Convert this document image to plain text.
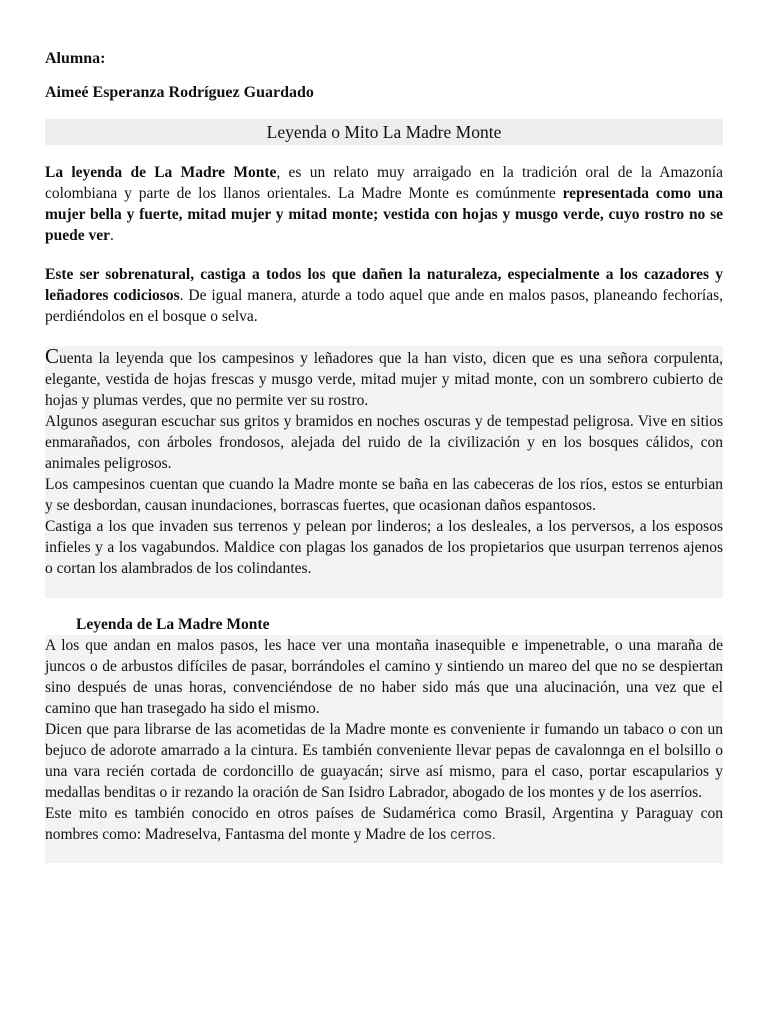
Alumna:

Aimeé Esperanza Rodríguez Guardado

Leyenda o Mito La Madre Monte

La leyenda de La Madre Monte, es un relato muy arraigado en la tradición oral de la Amazonía colombiana y parte de los llanos orientales. La Madre Monte es comúnmente representada como una mujer bella y fuerte, mitad mujer y mitad monte; vestida con hojas y musgo verde, cuyo rostro no se puede ver.

Este ser sobrenatural, castiga a todos los que dañen la naturaleza, especialmente a los cazadores y leñadores codiciosos. De igual manera, aturde a todo aquel que ande en malos pasos, planeando fechorías, perdiéndolos en el bosque o selva.

Cuenta la leyenda que los campesinos y leñadores que la han visto, dicen que es una señora corpulenta, elegante, vestida de hojas frescas y musgo verde, mitad mujer y mitad monte, con un sombrero cubierto de hojas y plumas verdes, que no permite ver su rostro.

Algunos aseguran escuchar sus gritos y bramidos en noches oscuras y de tempestad peligrosa. Vive en sitios enmarañados, con árboles frondosos, alejada del ruido de la civilización y en los bosques cálidos, con animales peligrosos.

Los campesinos cuentan que cuando la Madre monte se baña en las cabeceras de los ríos, estos se enturbian y se desbordan, causan inundaciones, borrascas fuertes, que ocasionan daños espantosos.

Castiga a los que invaden sus terrenos y pelean por linderos; a los desleales, a los perversos, a los esposos infieles y a los vagabundos. Maldice con plagas los ganados de los propietarios que usurpan terrenos ajenos o cortan los alambrados de los colindantes.

Leyenda de La Madre Monte

A los que andan en malos pasos, les hace ver una montaña inasequible e impenetrable, o una maraña de juncos o de arbustos difíciles de pasar, borrándoles el camino y sintiendo un mareo del que no se despiertan sino después de unas horas, convenciéndose de no haber sido más que una alucinación, una vez que el camino que han trasegado ha sido el mismo.

Dicen que para librarse de las acometidas de la Madre monte es conveniente ir fumando un tabaco o con un bejuco de adorote amarrado a la cintura. Es también conveniente llevar pepas de cavalonnga en el bolsillo o una vara recién cortada de cordoncillo de guayacán; sirve así mismo, para el caso, portar escapularios y medallas benditas o ir rezando la oración de San Isidro Labrador, abogado de los montes y de los aserríos.

Este mito es también conocido en otros países de Sudamérica como Brasil, Argentina y Paraguay con nombres como: Madreselva, Fantasma del monte y Madre de los cerros.
